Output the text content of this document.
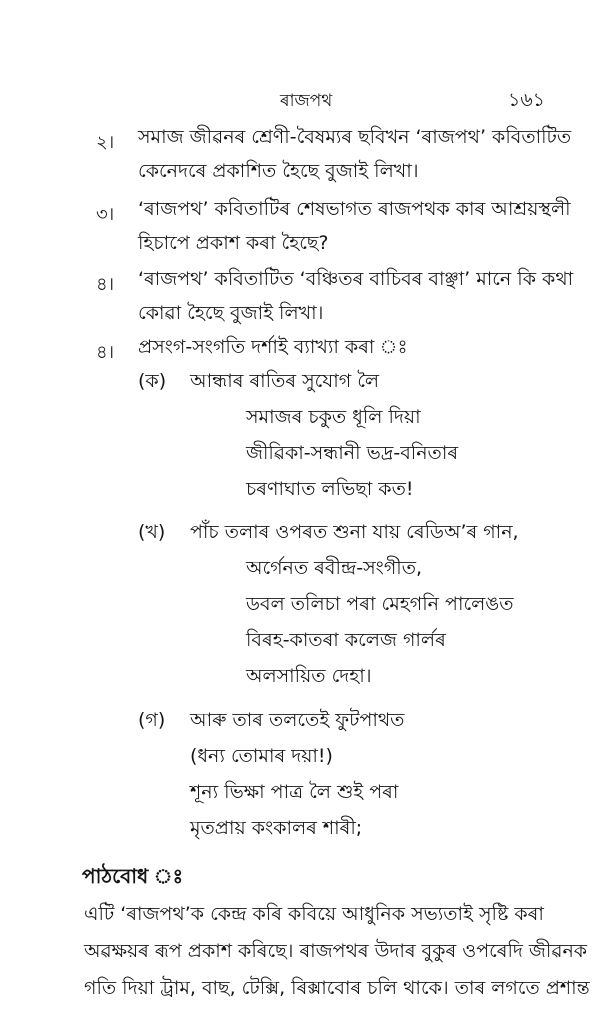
ৰাজপথ	১৬১
২। সমাজ জীৱনৰ শ্ৰেণী-বৈষম্যৰ ছবিখন ‘ৰাজপথ’ কবিতাটিত
কেনেদৰে প্ৰকাশিত হৈছে বুজাই লিখা।
৩। ‘ৰাজপথ’ কবিতাটিৰ শেষভাগত ৰাজপথক কাৰ আশ্ৰয়স্থলী
হিচাপে প্ৰকাশ কৰা হৈছে?
৪। ‘ৰাজপথ’ কবিতাটিত ‘বঞ্চিতৰ বাচিবৰ বাঞ্ছা’ মানে কি কথা
কোৱা হৈছে বুজাই লিখা।
৪। প্ৰসংগ-সংগতি দৰ্শাই ব্যাখ্যা কৰা ঃ
(ক) আন্ধাৰ ৰাতিৰ সুযোগ লৈ
সমাজৰ চকুত ধূলি দিয়া
জীৱিকা-সন্ধানী ভদ্ৰ-বনিতাৰ
চৰণাঘাত লভিছা কত!
(খ) পাঁচ তলাৰ ওপৰত শুনা যায় ৰেডিঅ’ৰ গান,
অৰ্গেনত ৰবীন্দ্ৰ-সংগীত,
ডবল তলিচা পৰা মেহগনি পালেঙত
বিৰহ-কাতৰা কলেজ গাৰ্লৰ
অলসায়িত দেহা।
(গ) আৰু তাৰ তলতেই ফুটপাথত
(ধন্য তোমাৰ দয়া!)
শূন্য ভিক্ষা পাত্ৰ লৈ শুই পৰা
মৃতপ্ৰায় কংকালৰ শাৰী;
পাঠবোধ ঃ
এটি ‘ৰাজপথ’ক কেন্দ্ৰ কৰি কবিয়ে আধুনিক সভ্যতাই সৃষ্টি কৰা
অৱক্ষয়ৰ ৰূপ প্ৰকাশ কৰিছে। ৰাজপথৰ উদাৰ বুকুৰ ওপৰেদি জীৱনক
গতি দিয়া ট্ৰাম, বাছ, টেক্সি, ৰিক্সাবোৰ চলি থাকে। তাৰ লগতে প্ৰশান্ত
